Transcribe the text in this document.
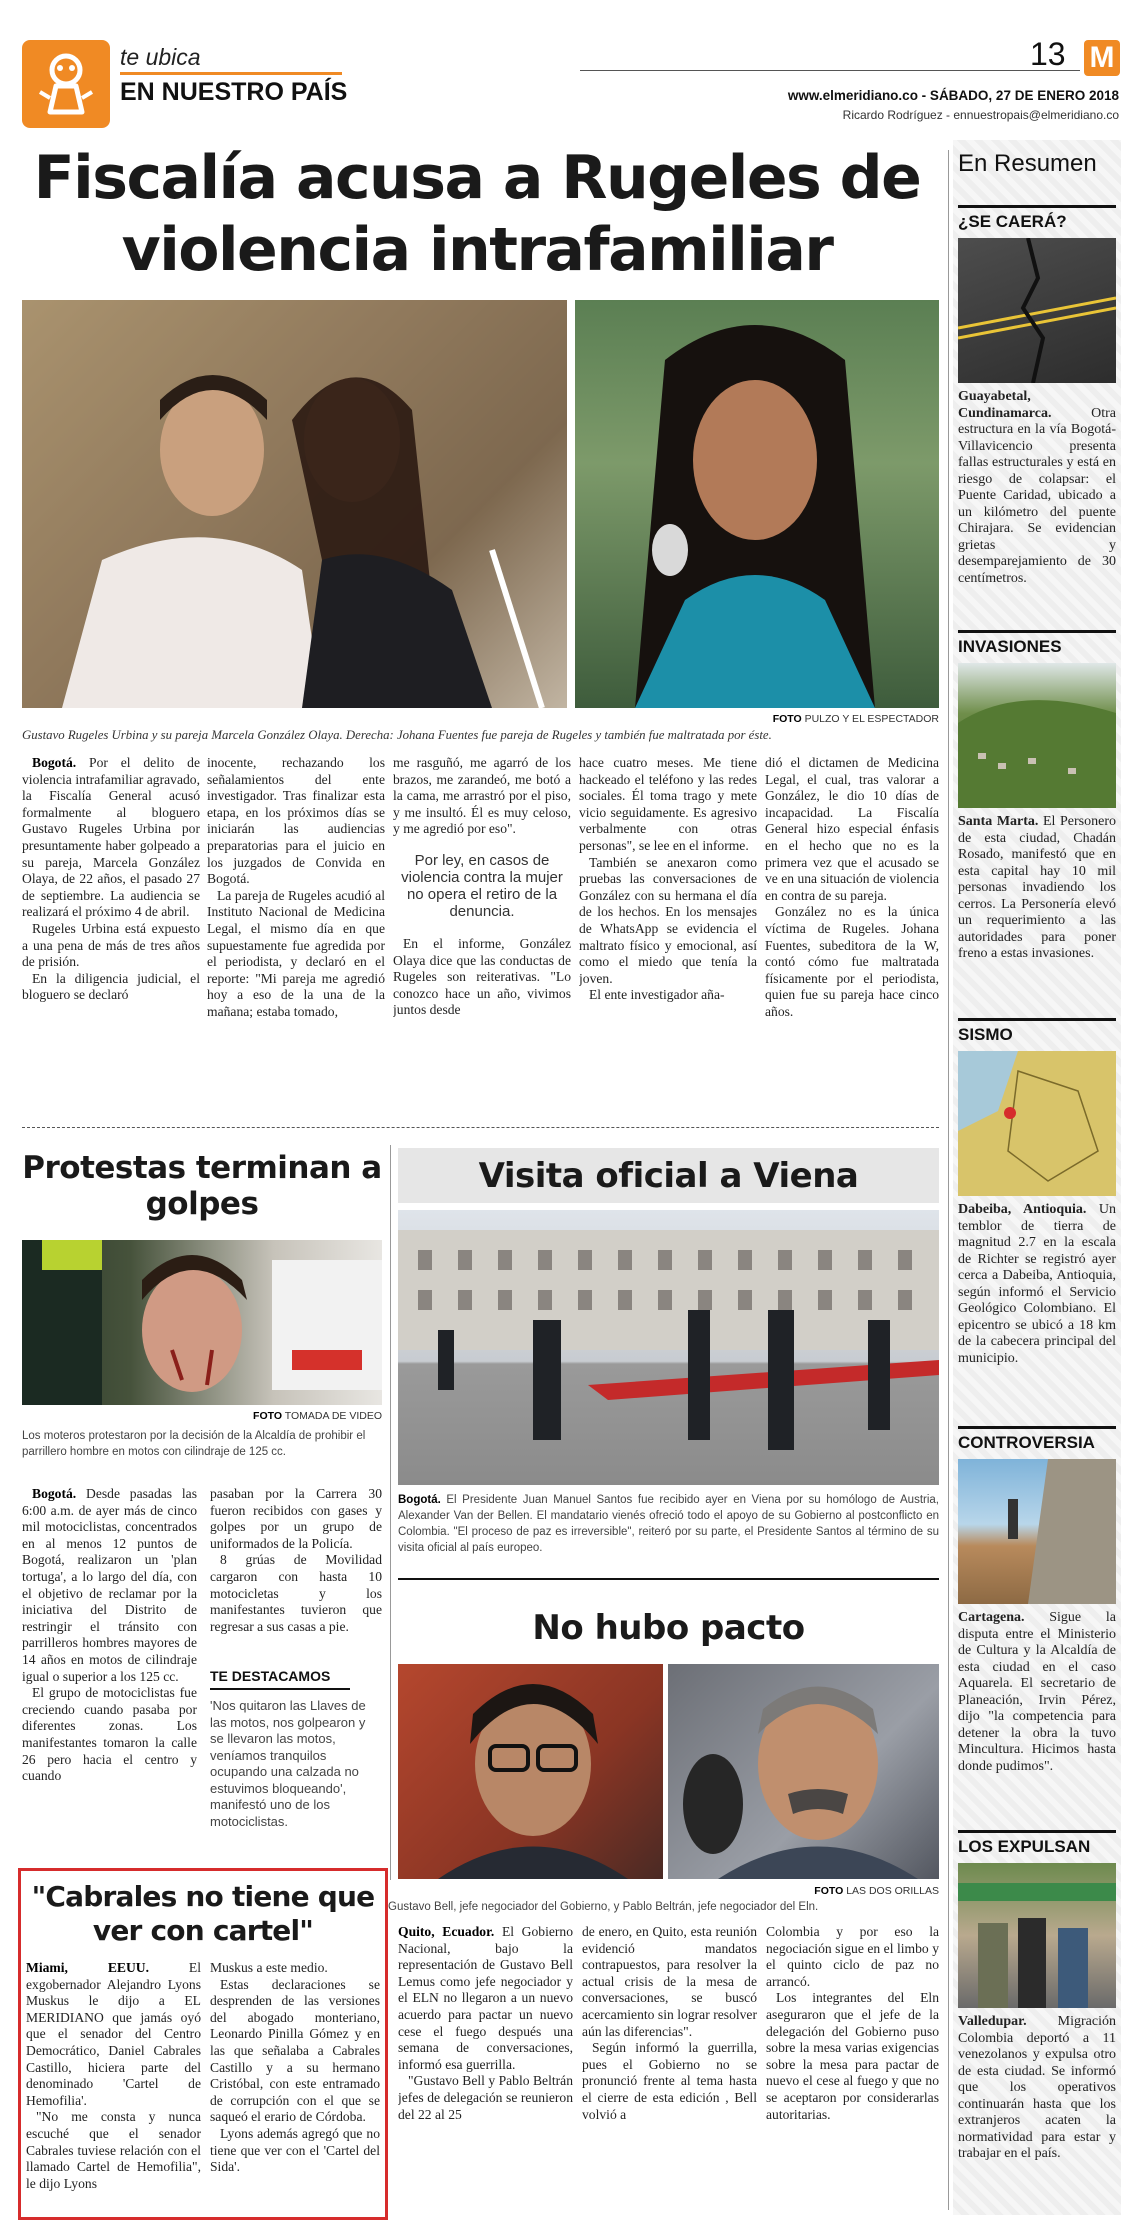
te ubica
EN NUESTRO PAÍS
13 M
www.elmeridiano.co - SÁBADO, 27 DE ENERO 2018
Ricardo Rodríguez - ennuestropais@elmeridiano.co
Fiscalía acusa a Rugeles de violencia intrafamiliar
FOTO PULZO Y EL ESPECTADOR
Gustavo Rugeles Urbina y su pareja Marcela González Olaya. Derecha: Johana Fuentes fue pareja de Rugeles y también fue maltratada por éste.

Bogotá. Por el delito de violencia intrafamiliar agravado, la Fiscalía General acusó formalmente al bloguero Gustavo Rugeles Urbina por presuntamente haber golpeado a su pareja, Marcela González Olaya, de 22 años, el pasado 27 de septiembre. La audiencia se realizará el próximo 4 de abril.

Rugeles Urbina está expuesto a una pena de más de tres años de prisión.

En la diligencia judicial, el bloguero se declaró

inocente, rechazando los señalamientos del ente investigador. Tras finalizar esta etapa, en los próximos días se iniciarán las audiencias preparatorias para el juicio en los juzgados de Convida en Bogotá.

La pareja de Rugeles acudió al Instituto Nacional de Medicina Legal, el mismo día en que supuestamente fue agredida por el periodista, y declaró en el reporte: "Mi pareja me agredió hoy a eso de la una de la mañana; estaba tomado,

me rasguñó, me agarró de los brazos, me zarandeó, me botó a la cama, me arrastró por el piso, y me insultó. Él es muy celoso, y me agredió por eso".

Por ley, en casos de violencia contra la mujer no opera el retiro de la denuncia.

En el informe, González Olaya dice que las conductas de Rugeles son reiterativas. "Lo conozco hace un año, vivimos juntos desde

hace cuatro meses. Me tiene hackeado el teléfono y las redes sociales. Él toma trago y mete vicio seguidamente. Es agresivo verbalmente con otras personas", se lee en el informe.

También se anexaron como pruebas las conversaciones de González con su hermana el día de los hechos. En los mensajes de WhatsApp se evidencia el maltrato físico y emocional, así como el miedo que tenía la joven.

El ente investigador aña-

dió el dictamen de Medicina Legal, el cual, tras valorar a González, le dio 10 días de incapacidad. La Fiscalía General hizo especial énfasis en el hecho que no es la primera vez que el acusado se ve en una situación de violencia en contra de su pareja.

González no es la única víctima de Rugeles. Johana Fuentes, subeditora de la W, contó cómo fue maltratada físicamente por el periodista, quien fue su pareja hace cinco años.

Protestas terminan a golpes
FOTO TOMADA DE VIDEO
Los moteros protestaron por la decisión de la Alcaldía de prohibir el parrillero hombre en motos con cilindraje de 125 cc.

Bogotá. Desde pasadas las 6:00 a.m. de ayer más de cinco mil motociclistas, concentrados en al menos 12 puntos de Bogotá, realizaron un 'plan tortuga', a lo largo del día, con el objetivo de reclamar por la iniciativa del Distrito de restringir el tránsito con parrilleros hombres mayores de 14 años en motos de cilindraje igual o superior a los 125 cc.

El grupo de motociclistas fue creciendo cuando pasaba por diferentes zonas. Los manifestantes tomaron la calle 26 pero hacia el centro y cuando

pasaban por la Carrera 30 fueron recibidos con gases y golpes por un grupo de uniformados de la Policía.

8 grúas de Movilidad cargaron con hasta 10 motocicletas y los manifestantes tuvieron que regresar a sus casas a pie.

TE DESTACAMOS
'Nos quitaron las Llaves de las motos, nos golpearon y se llevaron las motos, veníamos tranquilos ocupando una calzada no estuvimos bloqueando', manifestó uno de los motociclistas.
Visita oficial a Viena
Bogotá. El Presidente Juan Manuel Santos fue recibido ayer en Viena por su homólogo de Austria, Alexander Van der Bellen. El mandatario vienés ofreció todo el apoyo de su Gobierno al postconflicto en Colombia. "El proceso de paz es irreversible", reiteró por su parte, el Presidente Santos al término de su visita oficial al país europeo.
No hubo pacto
FOTO LAS DOS ORILLAS
Gustavo Bell, jefe negociador del Gobierno, y Pablo Beltrán, jefe negociador del Eln.

Quito, Ecuador. El Gobierno Nacional, bajo la representación de Gustavo Bell Lemus como jefe negociador y el ELN no llegaron a un nuevo acuerdo para pactar un nuevo cese el fuego después una semana de conversaciones, informó esa guerrilla.

"Gustavo Bell y Pablo Beltrán jefes de delegación se reunieron del 22 al 25

de enero, en Quito, esta reunión evidenció mandatos contrapuestos, para resolver la actual crisis de la mesa de conversaciones, se buscó acercamiento sin lograr resolver aún las diferencias".

Según informó la guerrilla, pues el Gobierno no se pronunció frente al tema hasta el cierre de esta edición , Bell volvió a

Colombia y por eso la negociación sigue en el limbo y el quinto ciclo de paz no arrancó.

Los integrantes del Eln aseguraron que el jefe de la delegación del Gobierno puso sobre la mesa varias exigencias sobre la mesa para pactar de nuevo el cese al fuego y que no se aceptaron por considerarlas autoritarias.

"Cabrales no tiene que ver con cartel"

Miami, EEUU.	El exgobernador Alejandro Lyons Muskus le dijo a EL MERIDIANO que jamás oyó que el senador del Centro Democrático, Daniel Cabrales Castillo, hiciera parte del denominado 'Cartel de Hemofilia'.

"No me consta y nunca escuché que el senador Cabrales tuviese relación con el llamado Cartel de Hemofilia", le dijo Lyons

Muskus a este medio.

Estas declaraciones se desprenden de las versiones del abogado monteriano, Leonardo Pinilla Gómez y en las que señalaba a Cabrales Castillo y a su hermano Cristóbal, con este entramado de corrupción con el que se saqueó el erario de Córdoba.

Lyons además agregó que no tiene que ver con el 'Cartel del Sida'.

En Resumen
¿SE CAERÁ?
Guayabetal, Cundinamarca.	Otra estructura en la vía Bogotá-Villavicencio presenta fallas estructurales y está en riesgo de colapsar: el Puente Caridad, ubicado a un kilómetro del puente Chirajara. Se evidencian grietas y desemparejamiento de 30 centímetros.
INVASIONES
Santa Marta. El Personero de esta ciudad, Chadán Rosado, manifestó que en esta capital hay 10 mil personas invadiendo los cerros. La Personería elevó un requerimiento a las autoridades para poner freno a estas invasiones.
SISMO
Dabeiba, Antioquia. Un temblor de tierra de magnitud 2.7 en la escala de Richter se registró ayer cerca a Dabeiba, Antioquia, según informó el Servicio Geológico Colombiano. El epicentro se ubicó a 18 km de la cabecera principal del municipio.
CONTROVERSIA
Cartagena. Sigue la disputa entre el Ministerio de Cultura y la Alcaldía de esta ciudad en el caso Aquarela. El secretario de Planeación, Irvin Pérez, dijo "la competencia para detener la obra la tuvo Mincultura. Hicimos hasta donde pudimos".
LOS EXPULSAN
Valledupar. Migración Colombia deportó a 11 venezolanos y expulsa otro de esta ciudad. Se informó que los operativos continuarán hasta que los extranjeros acaten la normatividad para estar y trabajar en el país.
